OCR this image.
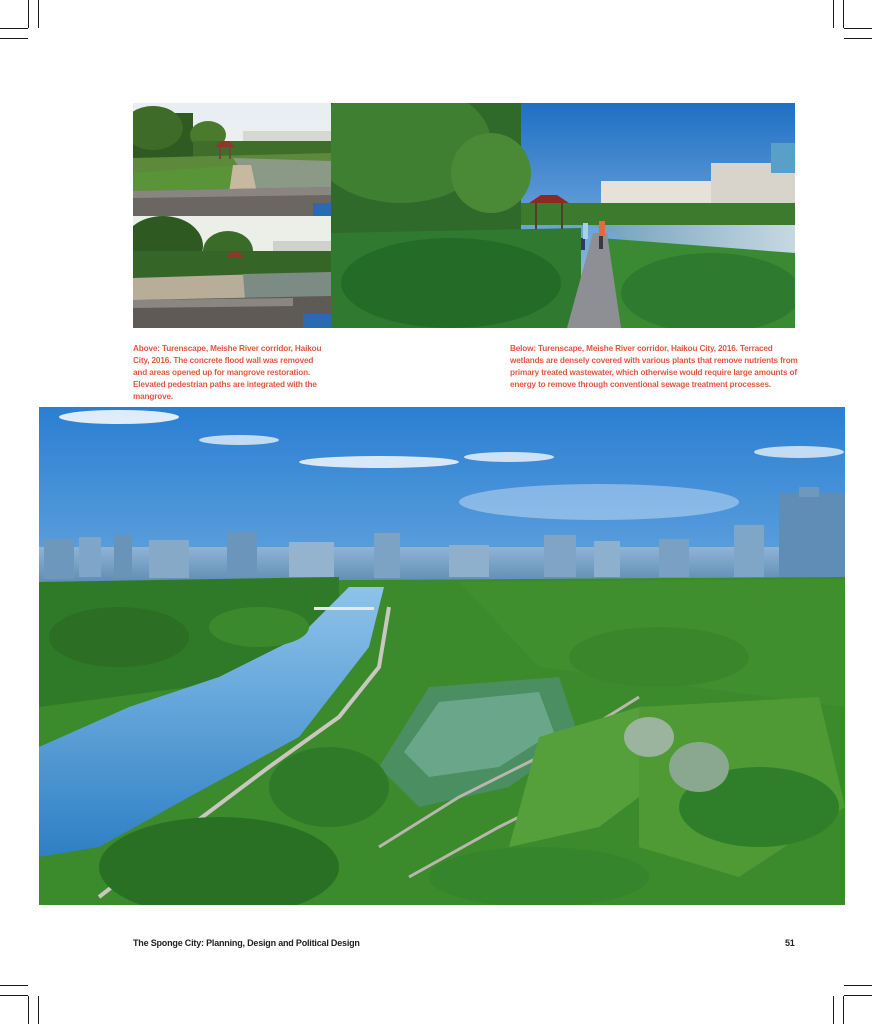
Above: Turenscape, Meishe River corridor, Haikou City, 2016. The concrete flood wall was removed and areas opened up for mangrove restoration. Elevated pedestrian paths are integrated with the mangrove.
Below: Turenscape, Meishe River corridor, Haikou City, 2016. Terraced wetlands are densely covered with various plants that remove nutrients from primary treated wastewater, which otherwise would require large amounts of energy to remove through conventional sewage treatment processes.
The Sponge City: Planning, Design and Political Design	51
